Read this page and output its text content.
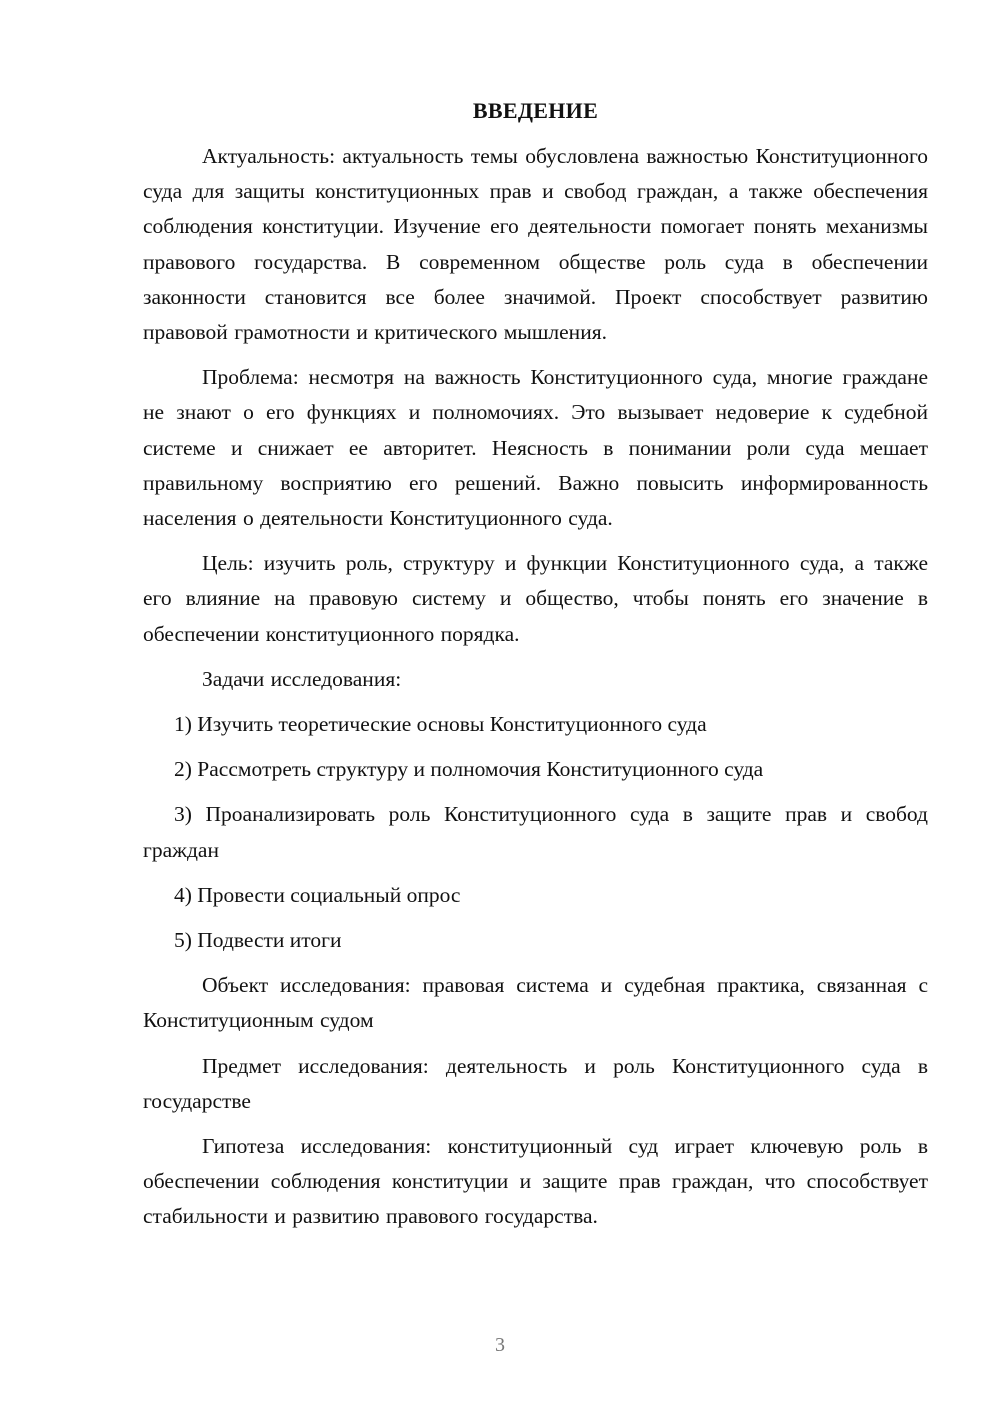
ВВЕДЕНИЕ

Актуальность: актуальность темы обусловлена важностью Конституционного суда для защиты конституционных прав и свобод граждан, а также обеспечения соблюдения конституции. Изучение его деятельности помогает понять механизмы правового государства. В современном обществе роль суда в обеспечении законности становится все более значимой. Проект способствует развитию правовой грамотности и критического мышления.

Проблема: несмотря на важность Конституционного суда, многие граждане не знают о его функциях и полномочиях. Это вызывает недоверие к судебной системе и снижает ее авторитет. Неясность в понимании роли суда мешает правильному восприятию его решений. Важно повысить информированность населения о деятельности Конституционного суда.

Цель: изучить роль, структуру и функции Конституционного суда, а также его влияние на правовую систему и общество, чтобы понять его значение в обеспечении конституционного порядка.

Задачи исследования:

1) Изучить теоретические основы Конституционного суда

2) Рассмотреть структуру и полномочия Конституционного суда

3) Проанализировать роль Конституционного суда в защите прав и свобод граждан

4) Провести социальный опрос

5) Подвести итоги

Объект исследования: правовая система и судебная практика, связанная с Конституционным судом

Предмет исследования: деятельность и роль Конституционного суда в государстве

Гипотеза исследования: конституционный суд играет ключевую роль в обеспечении соблюдения конституции и защите прав граждан, что способствует стабильности и развитию правового государства.

3
